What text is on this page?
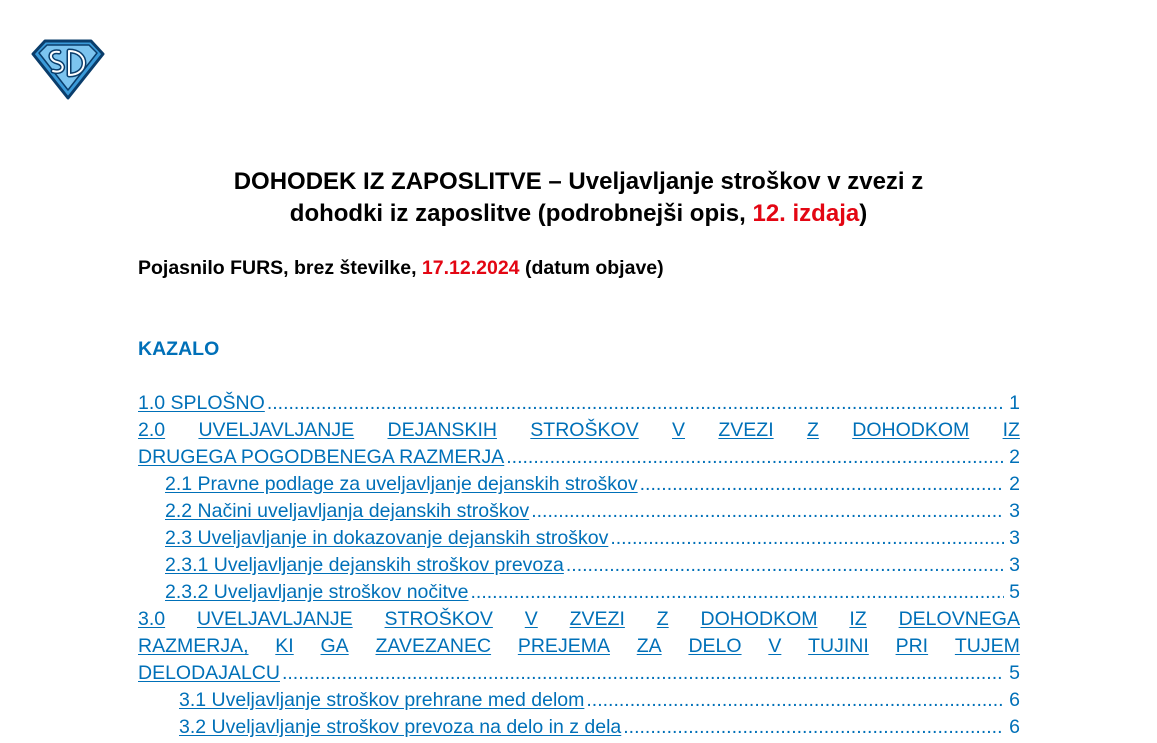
DOHODEK IZ ZAPOSLITVE – Uveljavljanje stroškov v zvezi z
dohodki iz zaposlitve (podrobnejši opis, 12. izdaja)
Pojasnilo FURS, brez številke, 17.12.2024 (datum objave)
KAZALO
1.0 SPLOŠNO .....	1
2.0 UVELJAVLJANJE DEJANSKIH STROŠKOV V ZVEZI Z DOHODKOM IZ
DRUGEGA POGODBENEGA RAZMERJA .....	2
2.1 Pravne podlage za uveljavljanje dejanskih stroškov .....	2
2.2 Načini uveljavljanja dejanskih stroškov .....	3
2.3 Uveljavljanje in dokazovanje dejanskih stroškov .....	3
2.3.1 Uveljavljanje dejanskih stroškov prevoza .....	3
2.3.2 Uveljavljanje stroškov nočitve .....	5
3.0 UVELJAVLJANJE STROŠKOV V ZVEZI Z DOHODKOM IZ DELOVNEGA
RAZMERJA, KI GA ZAVEZANEC PREJEMA ZA DELO V TUJINI PRI TUJEM
DELODAJALCU .....	5
3.1 Uveljavljanje stroškov prehrane med delom .....	6
3.2 Uveljavljanje stroškov prevoza na delo in z dela .....	6
